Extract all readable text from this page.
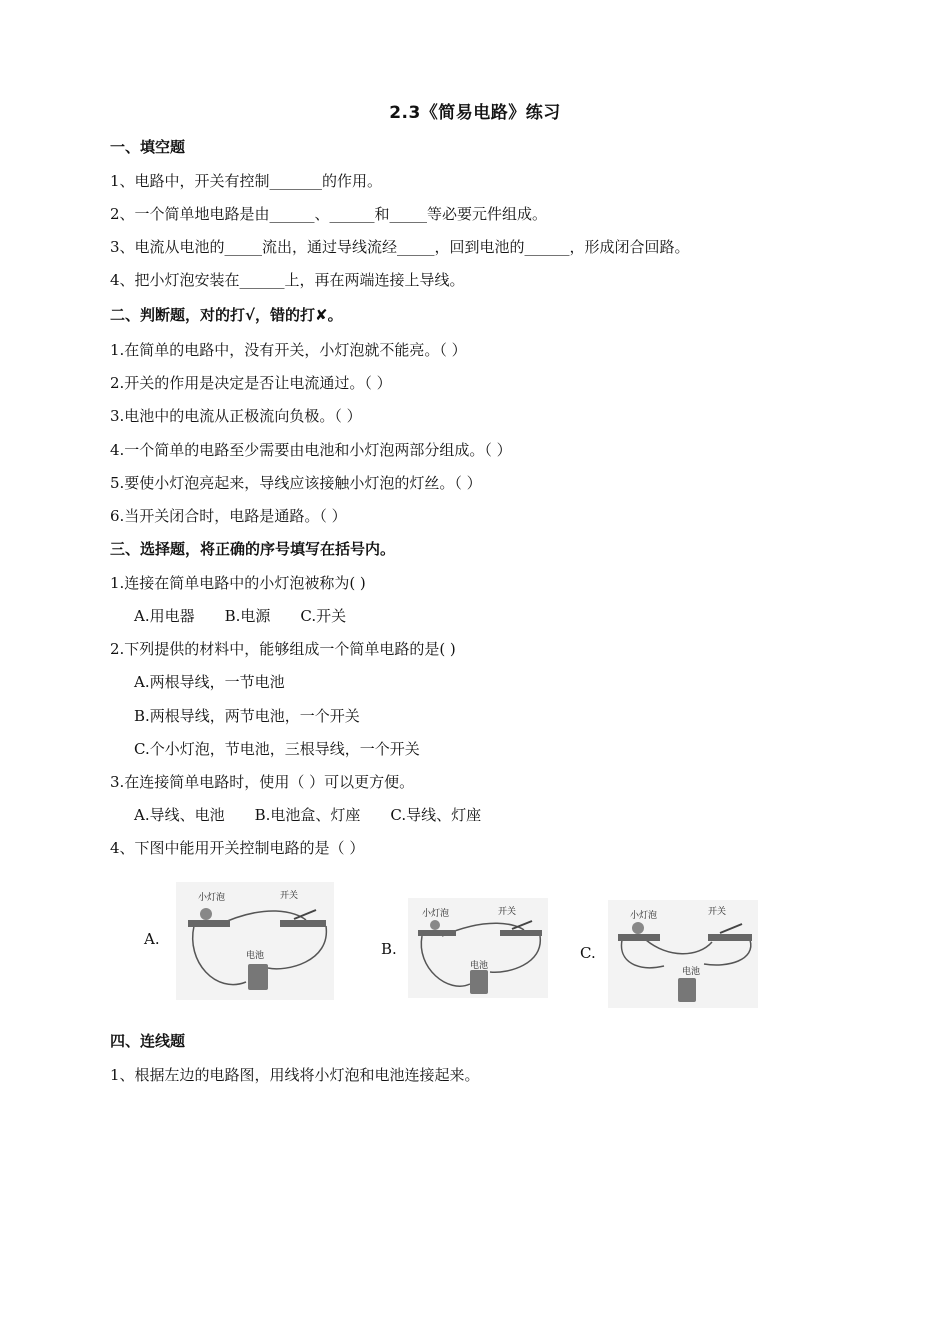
2.3《简易电路》练习
一、填空题
1、电路中，开关有控制_______的作用。
2、一个简单地电路是由______、______和_____等必要元件组成。
3、电流从电池的_____流出，通过导线流经_____，回到电池的______，形成闭合回路。
4、把小灯泡安装在______上，再在两端连接上导线。
二、判断题，对的打√，错的打✘。
1.在简单的电路中，没有开关，小灯泡就不能亮。（ ）
2.开关的作用是决定是否让电流通过。（ ）
3.电池中的电流从正极流向负极。（ ）
4.一个简单的电路至少需要由电池和小灯泡两部分组成。（ ）
5.要使小灯泡亮起来，导线应该接触小灯泡的灯丝。（ ）
6.当开关闭合时，电路是通路。（ ）
三、选择题，将正确的序号填写在括号内。
1.连接在简单电路中的小灯泡被称为( )
A.用电器 B.电源 C.开关
2.下列提供的材料中，能够组成一个简单电路的是( )
A.两根导线，一节电池
B.两根导线，两节电池，一个开关
C.个小灯泡，节电池，三根导线，一个开关
3.在连接简单电路时，使用（ ）可以更方便。
A.导线、电池 B.电池盒、灯座 C.导线、灯座
4、下图中能用开关控制电路的是（ ）
A.
小灯泡	开关
电池	B.
小灯泡	开关
电池
C.
小灯泡	开关
电池
四、连线题
1、根据左边的电路图，用线将小灯泡和电池连接起来。
